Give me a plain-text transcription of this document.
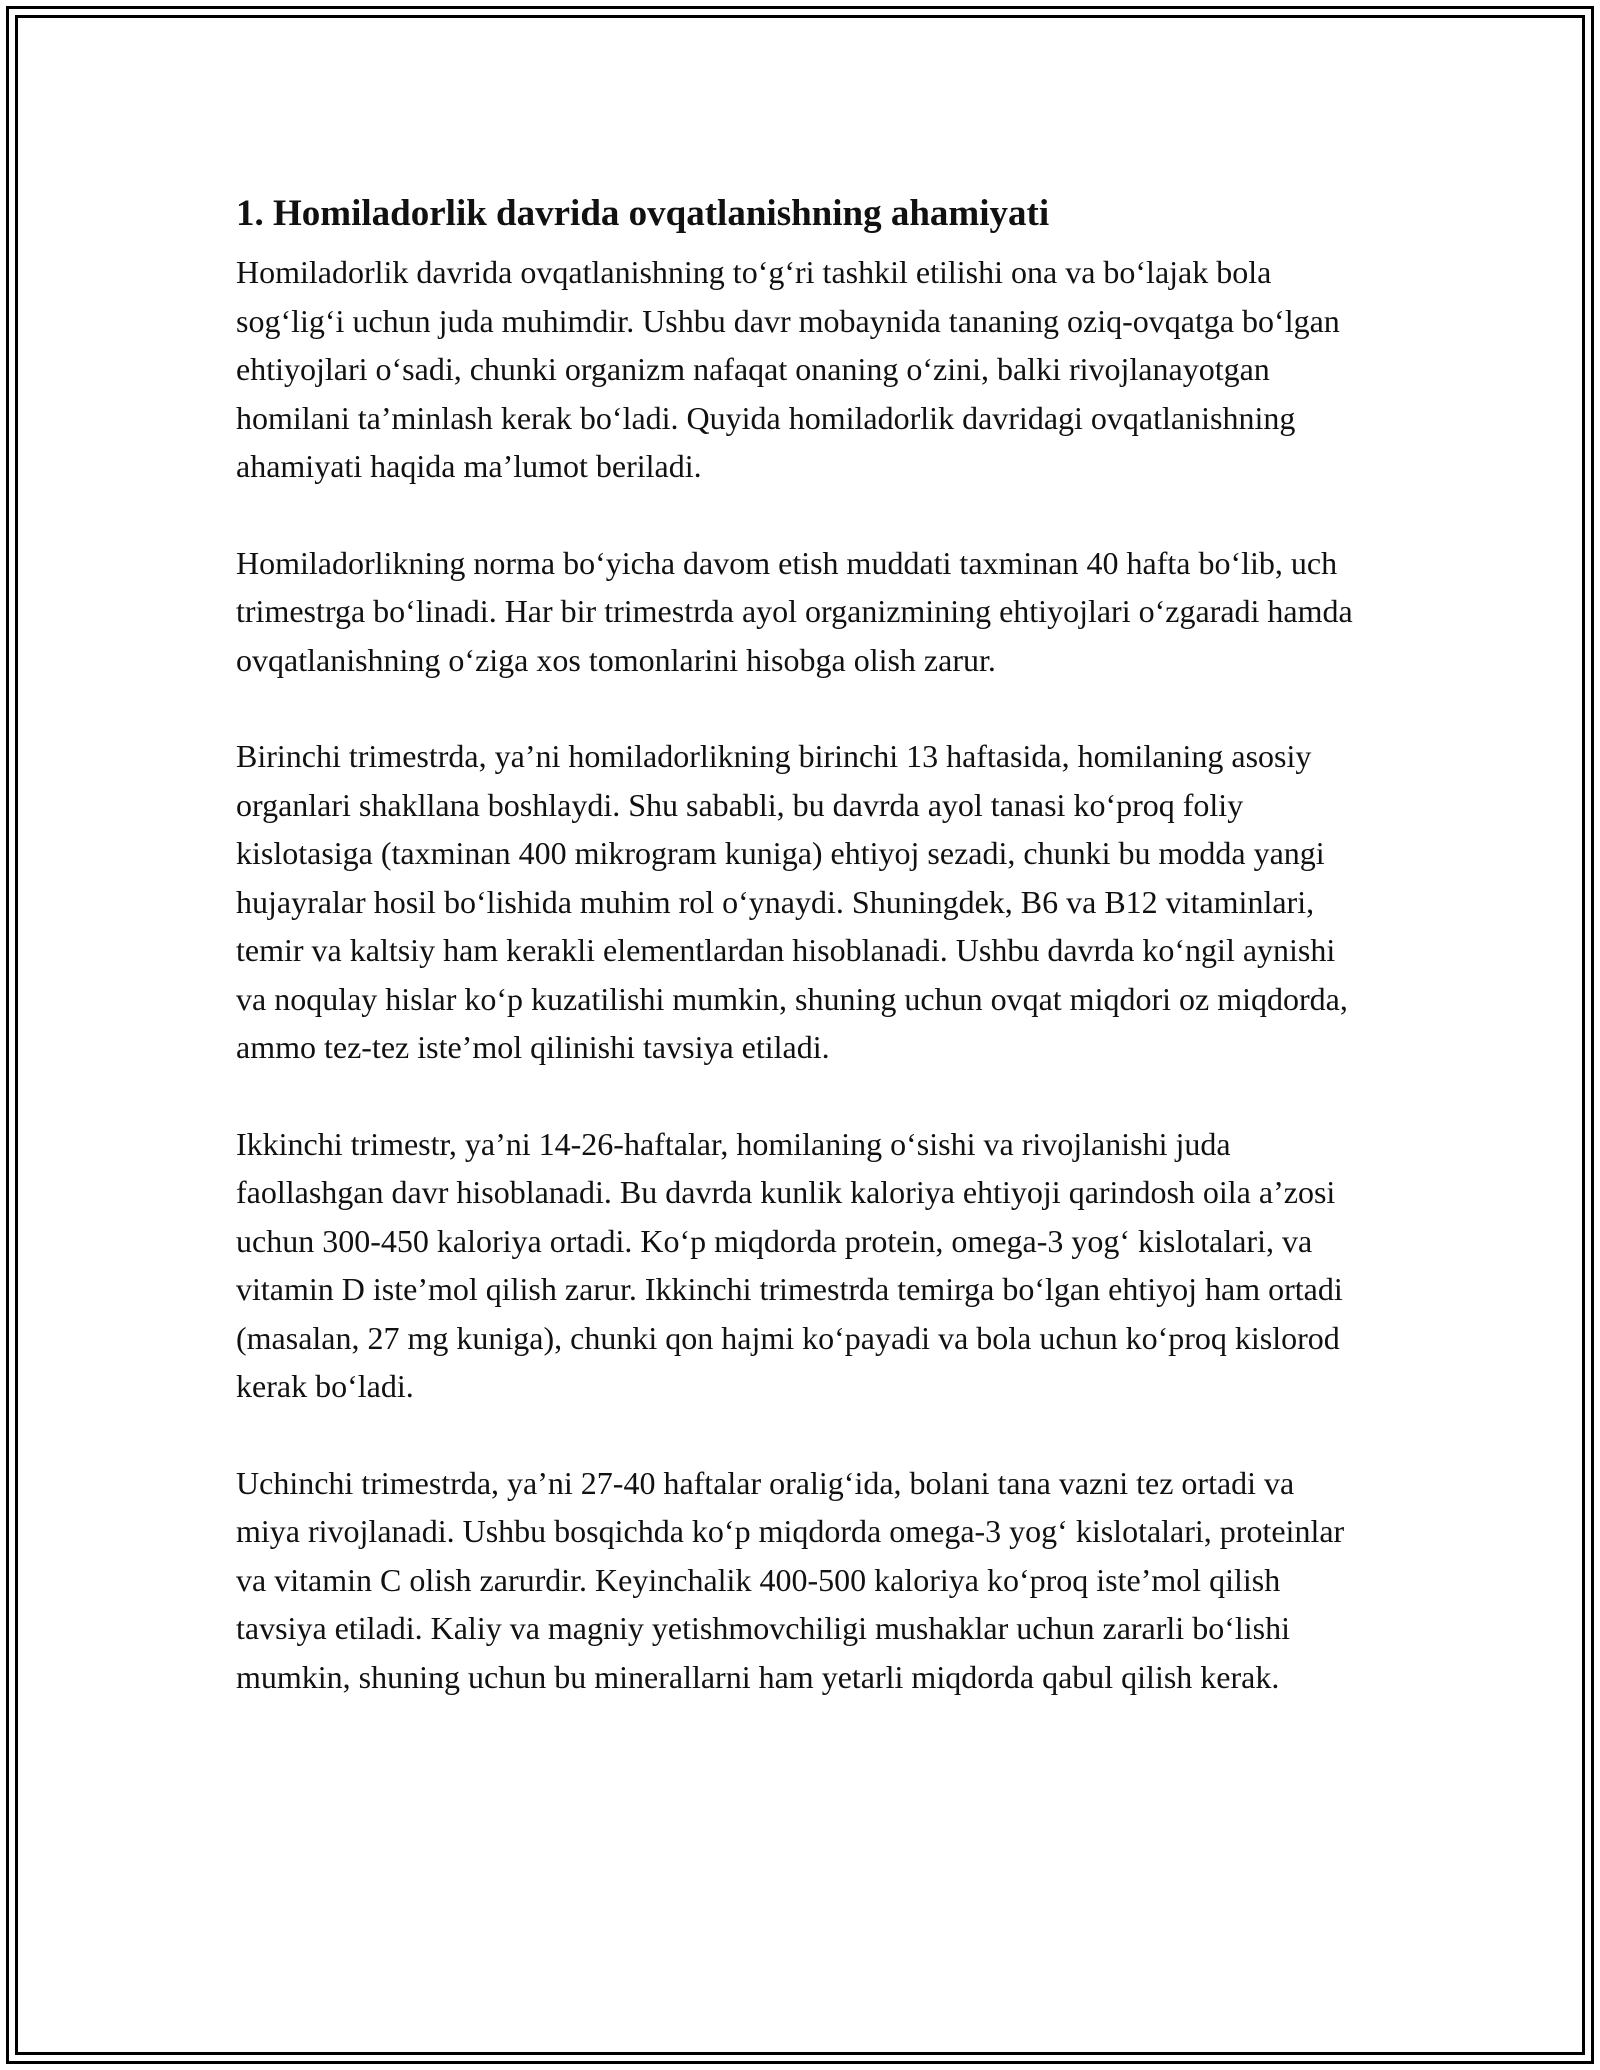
1. Homiladorlik davrida ovqatlanishning ahamiyati

Homiladorlik davrida ovqatlanishning to‘g‘ri tashkil etilishi ona va bo‘lajak bola sog‘lig‘i uchun juda muhimdir. Ushbu davr mobaynida tananing oziq-ovqatga bo‘lgan ehtiyojlari o‘sadi, chunki organizm nafaqat onaning o‘zini, balki rivojlanayotgan homilani ta’minlash kerak bo‘ladi. Quyida homiladorlik davridagi ovqatlanishning ahamiyati haqida ma’lumot beriladi.

Homiladorlikning norma bo‘yicha davom etish muddati taxminan 40 hafta bo‘lib, uch trimestrga bo‘linadi. Har bir trimestrda ayol organizmining ehtiyojlari o‘zgaradi hamda ovqatlanishning o‘ziga xos tomonlarini hisobga olish zarur.

Birinchi trimestrda, ya’ni homiladorlikning birinchi 13 haftasida, homilaning asosiy organlari shakllana boshlaydi. Shu sababli, bu davrda ayol tanasi ko‘proq foliy kislotasiga (taxminan 400 mikrogram kuniga) ehtiyoj sezadi, chunki bu modda yangi hujayralar hosil bo‘lishida muhim rol o‘ynaydi. Shuningdek, B6 va B12 vitaminlari, temir va kaltsiy ham kerakli elementlardan hisoblanadi. Ushbu davrda ko‘ngil aynishi va noqulay hislar ko‘p kuzatilishi mumkin, shuning uchun ovqat miqdori oz miqdorda, ammo tez-tez iste’mol qilinishi tavsiya etiladi.

Ikkinchi trimestr, ya’ni 14-26-haftalar, homilaning o‘sishi va rivojlanishi juda faollashgan davr hisoblanadi. Bu davrda kunlik kaloriya ehtiyoji qarindosh oila a’zosi uchun 300-450 kaloriya ortadi. Ko‘p miqdorda protein, omega-3 yog‘ kislotalari, va vitamin D iste’mol qilish zarur. Ikkinchi trimestrda temirga bo‘lgan ehtiyoj ham ortadi (masalan, 27 mg kuniga), chunki qon hajmi ko‘payadi va bola uchun ko‘proq kislorod kerak bo‘ladi.

Uchinchi trimestrda, ya’ni 27-40 haftalar oralig‘ida, bolani tana vazni tez ortadi va miya rivojlanadi. Ushbu bosqichda ko‘p miqdorda omega-3 yog‘ kislotalari, proteinlar va vitamin C olish zarurdir. Keyinchalik 400-500 kaloriya ko‘proq iste’mol qilish tavsiya etiladi. Kaliy va magniy yetishmovchiligi mushaklar uchun zararli bo‘lishi mumkin, shuning uchun bu minerallarni ham yetarli miqdorda qabul qilish kerak.
